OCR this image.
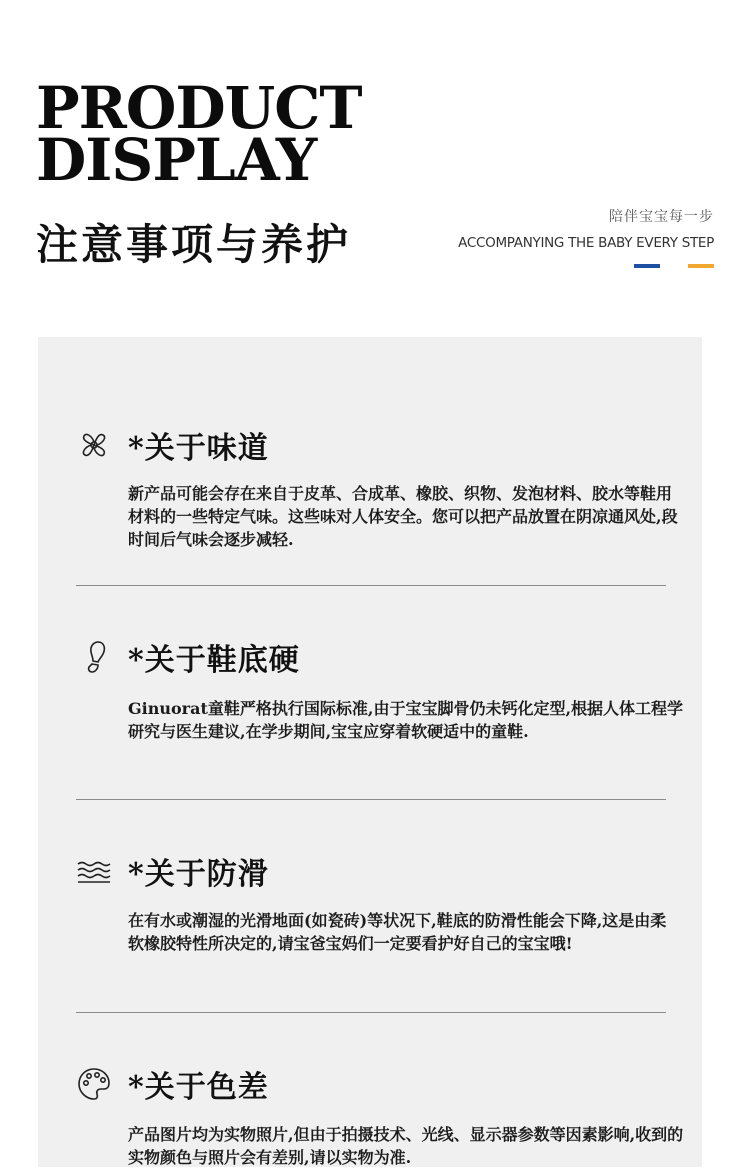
PRODUCT
DISPLAY
注意事项与养护
陪伴宝宝每一步
ACCOMPANYING THE BABY EVERY STEP
*关于味道

新产品可能会存在来自于皮革、合成革、橡胶、织物、发泡材料、胶水等鞋用材料的一些特定气味。这些味对人体安全。您可以把产品放置在阴凉通风处,段时间后气味会逐步减轻.

*关于鞋底硬

Ginuorat童鞋严格执行国际标准,由于宝宝脚骨仍未钙化定型,根据人体工程学研究与医生建议,在学步期间,宝宝应穿着软硬适中的童鞋.

*关于防滑

在有水或潮湿的光滑地面(如瓷砖)等状况下,鞋底的防滑性能会下降,这是由柔软橡胶特性所决定的,请宝爸宝妈们一定要看护好自己的宝宝哦!

*关于色差

产品图片均为实物照片,但由于拍摄技术、光线、显示器参数等因素影响,收到的实物颜色与照片会有差别,请以实物为准.
